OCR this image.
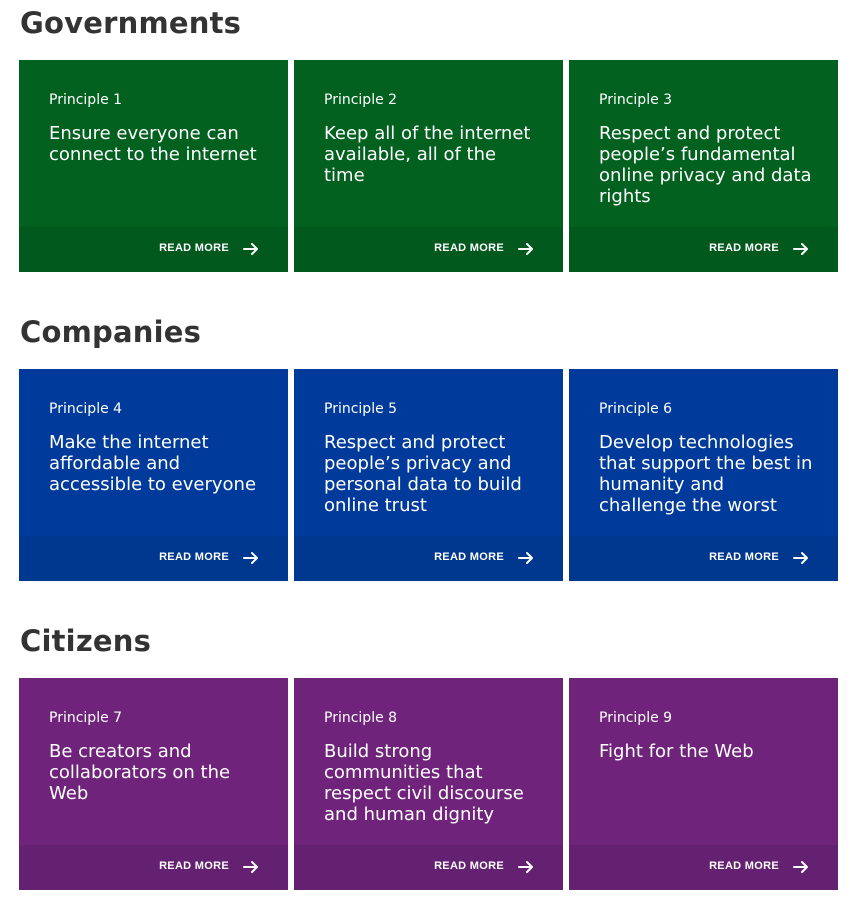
Governments
Principle 1
Ensure everyone can connect to the internet
READ MORE
Principle 2
Keep all of the internet available, all of the time
READ MORE
Principle 3
Respect and protect people’s fundamental online privacy and data rights
READ MORE
Companies
Principle 4
Make the internet affordable and accessible to everyone
READ MORE
Principle 5
Respect and protect people’s privacy and personal data to build online trust
READ MORE
Principle 6
Develop technologies that support the best in humanity and challenge the worst
READ MORE
Citizens
Principle 7
Be creators and collaborators on the Web
READ MORE
Principle 8
Build strong communities that respect civil discourse and human dignity
READ MORE
Principle 9
Fight for the Web
READ MORE
